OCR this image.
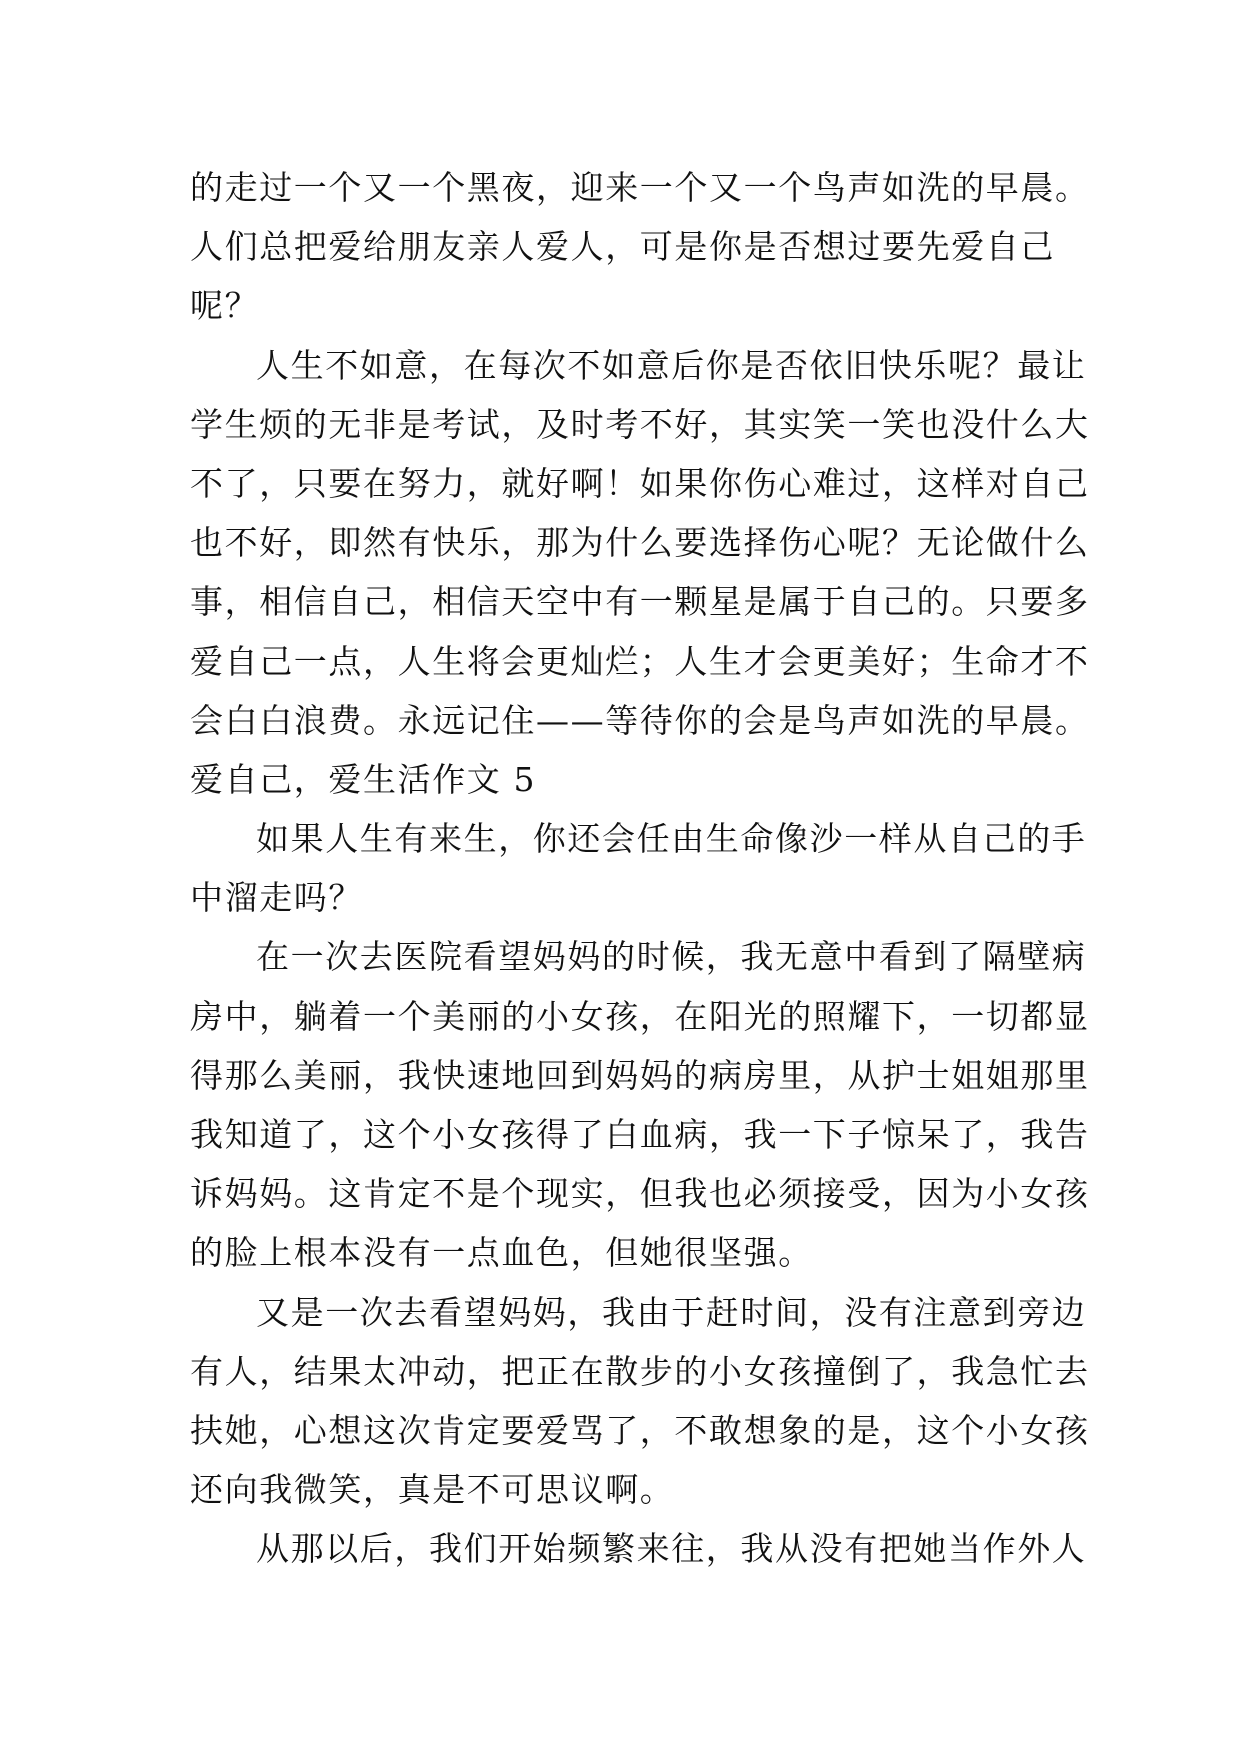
的走过一个又一个黑夜，迎来一个又一个鸟声如洗的早晨。
人们总把爱给朋友亲人爱人，可是你是否想过要先爱自己
呢？
人生不如意，在每次不如意后你是否依旧快乐呢？最让
学生烦的无非是考试，及时考不好，其实笑一笑也没什么大
不了，只要在努力，就好啊！如果你伤心难过，这样对自己
也不好，即然有快乐，那为什么要选择伤心呢？无论做什么
事，相信自己，相信天空中有一颗星是属于自己的。只要多
爱自己一点，人生将会更灿烂；人生才会更美好；生命才不
会白白浪费。永远记住——等待你的会是鸟声如洗的早晨。
爱自己，爱生活作文 5
如果人生有来生，你还会任由生命像沙一样从自己的手
中溜走吗？
在一次去医院看望妈妈的时候，我无意中看到了隔壁病
房中，躺着一个美丽的小女孩，在阳光的照耀下，一切都显
得那么美丽，我快速地回到妈妈的病房里，从护士姐姐那里
我知道了，这个小女孩得了白血病，我一下子惊呆了，我告
诉妈妈。这肯定不是个现实，但我也必须接受，因为小女孩
的脸上根本没有一点血色，但她很坚强。
又是一次去看望妈妈，我由于赶时间，没有注意到旁边
有人，结果太冲动，把正在散步的小女孩撞倒了，我急忙去
扶她，心想这次肯定要爱骂了，不敢想象的是，这个小女孩
还向我微笑，真是不可思议啊。
从那以后，我们开始频繁来往，我从没有把她当作外人
